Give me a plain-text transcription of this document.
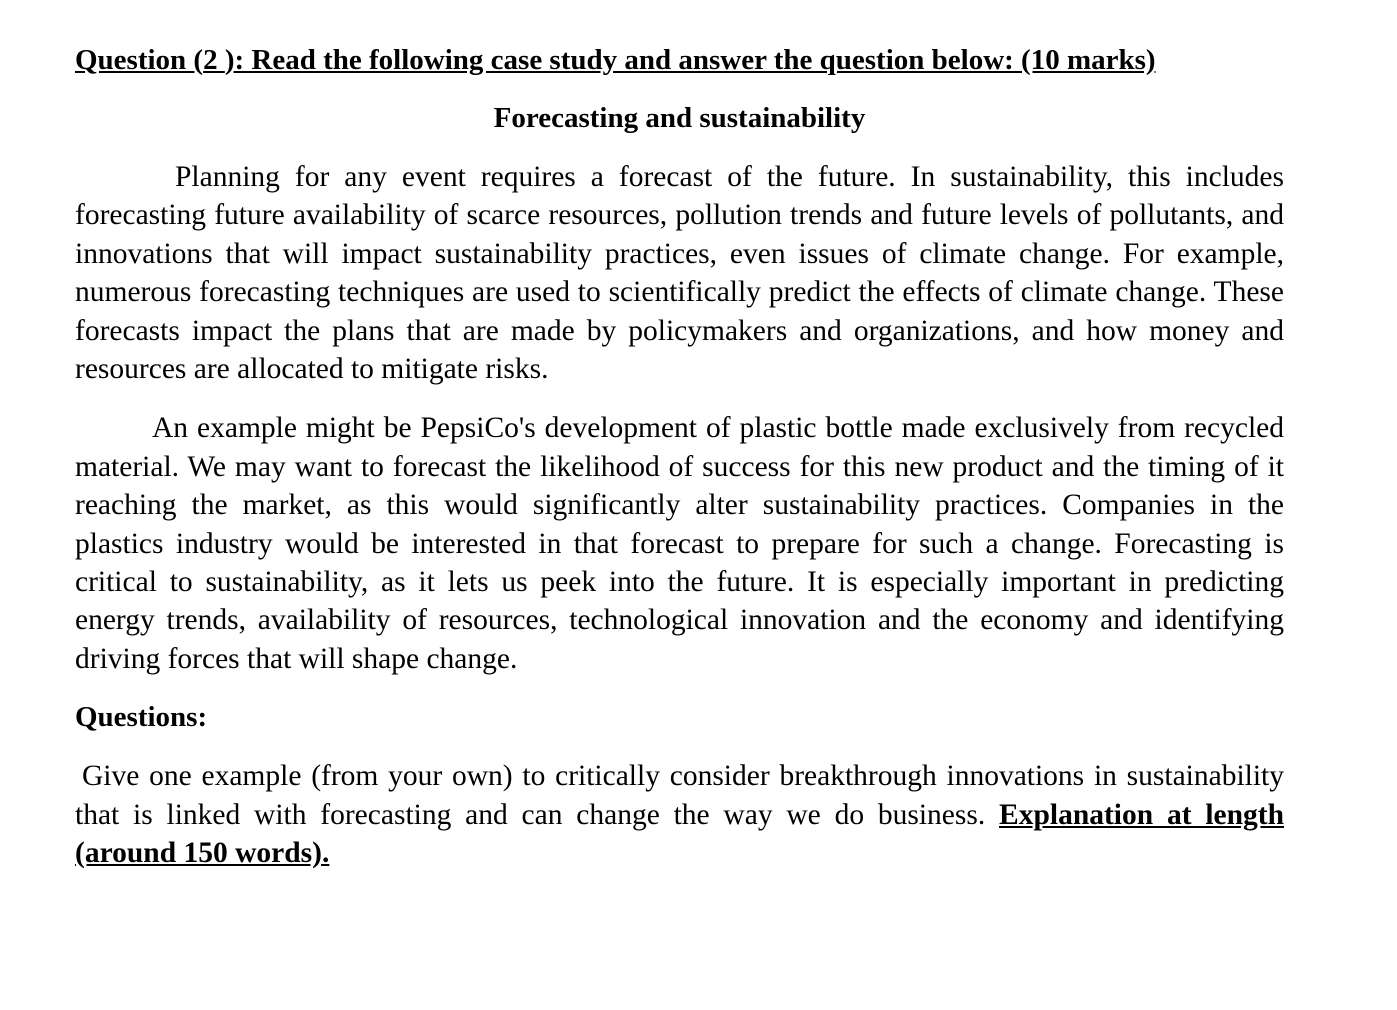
Question (2 ): Read the following case study and answer the question below: (10 marks)

Forecasting and sustainability

Planning for any event requires a forecast of the future. In sustainability, this includes forecasting future availability of scarce resources, pollution trends and future levels of pollutants, and innovations that will impact sustainability practices, even issues of climate change. For example, numerous forecasting techniques are used to scientifically predict the effects of climate change. These forecasts impact the plans that are made by policymakers and organizations, and how money and resources are allocated to mitigate risks.

An example might be PepsiCo's development of plastic bottle made exclusively from recycled material. We may want to forecast the likelihood of success for this new product and the timing of it reaching the market, as this would significantly alter sustainability practices. Companies in the plastics industry would be interested in that forecast to prepare for such a change. Forecasting is critical to sustainability, as it lets us peek into the future. It is especially important in predicting energy trends, availability of resources, technological innovation and the economy and identifying driving forces that will shape change.

Questions:

Give one example (from your own) to critically consider breakthrough innovations in sustainability that is linked with forecasting and can change the way we do business. Explanation at length (around 150 words).
